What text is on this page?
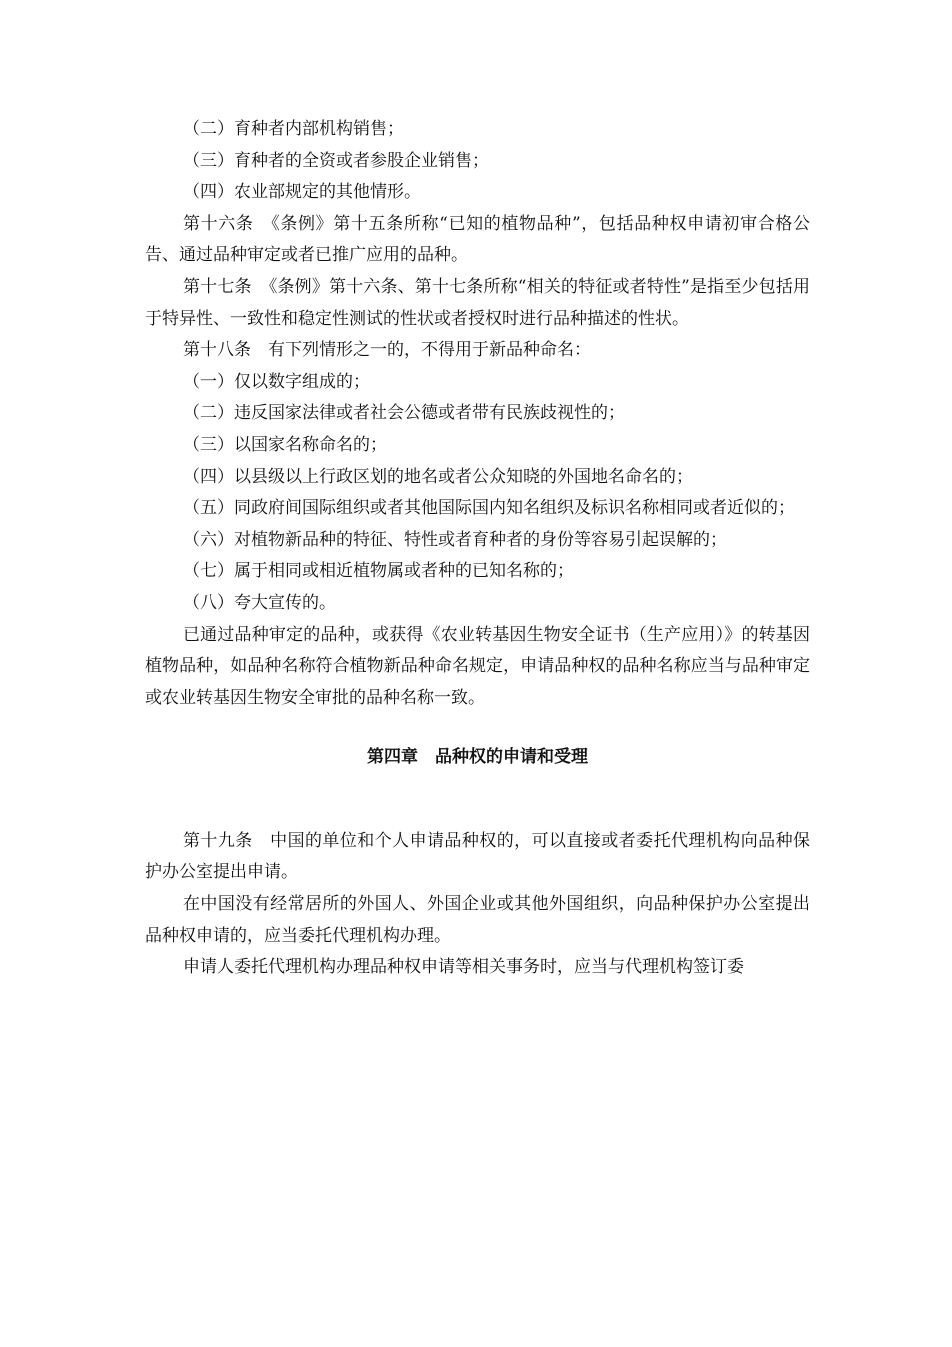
（二）育种者内部机构销售；

（三）育种者的全资或者参股企业销售；

（四）农业部规定的其他情形。

第十六条　《条例》第十五条所称“已知的植物品种”，包括品种权申请初审合格公告、通过品种审定或者已推广应用的品种。

第十七条　《条例》第十六条、第十七条所称“相关的特征或者特性”是指至少包括用于特异性、一致性和稳定性测试的性状或者授权时进行品种描述的性状。

第十八条　有下列情形之一的，不得用于新品种命名：

（一）仅以数字组成的；

（二）违反国家法律或者社会公德或者带有民族歧视性的；

（三）以国家名称命名的；

（四）以县级以上行政区划的地名或者公众知晓的外国地名命名的；

（五）同政府间国际组织或者其他国际国内知名组织及标识名称相同或者近似的；

（六）对植物新品种的特征、特性或者育种者的身份等容易引起误解的；

（七）属于相同或相近植物属或者种的已知名称的；

（八）夸大宣传的。

已通过品种审定的品种，或获得《农业转基因生物安全证书（生产应用）》的转基因植物品种，如品种名称符合植物新品种命名规定，申请品种权的品种名称应当与品种审定或农业转基因生物安全审批的品种名称一致。

第四章　品种权的申请和受理

第十九条　中国的单位和个人申请品种权的，可以直接或者委托代理机构向品种保护办公室提出申请。

在中国没有经常居所的外国人、外国企业或其他外国组织，向品种保护办公室提出品种权申请的，应当委托代理机构办理。

申请人委托代理机构办理品种权申请等相关事务时，应当与代理机构签订委
